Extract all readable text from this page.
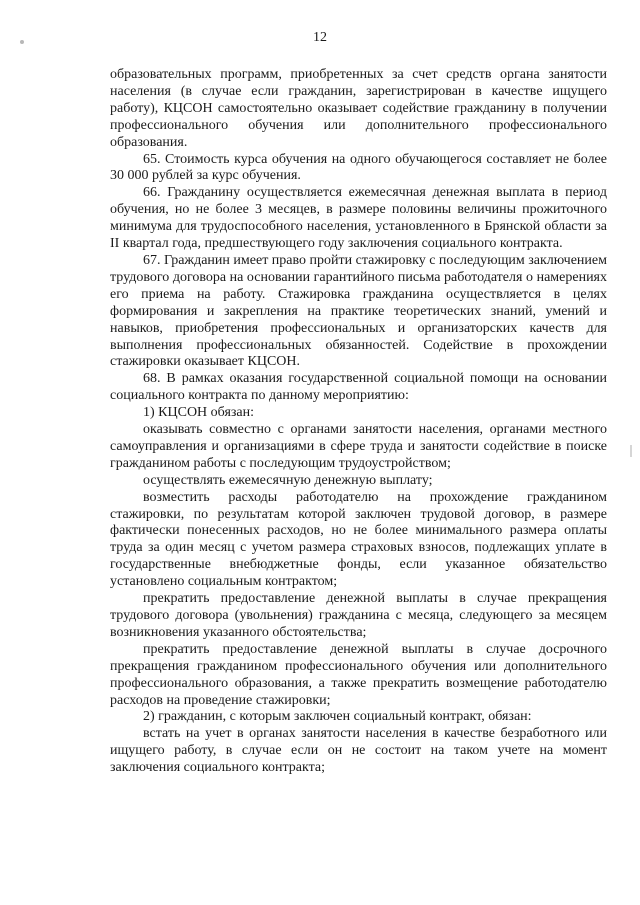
12

образовательных программ, приобретенных за счет средств органа занятости населения (в случае если гражданин, зарегистрирован в качестве ищущего работу), КЦСОН самостоятельно оказывает содействие гражданину в получении профессионального обучения или дополнительного профессионального образования.

65. Стоимость курса обучения на одного обучающегося составляет не более 30 000 рублей за курс обучения.

66. Гражданину осуществляется ежемесячная денежная выплата в период обучения, но не более 3 месяцев, в размере половины величины прожиточного минимума для трудоспособного населения, установленного в Брянской области за II квартал года, предшествующего году заключения социального контракта.

67. Гражданин имеет право пройти стажировку с последующим заключением трудового договора на основании гарантийного письма работодателя о намерениях его приема на работу. Стажировка гражданина осуществляется в целях формирования и закрепления на практике теоретических знаний, умений и навыков, приобретения профессиональных и организаторских качеств для выполнения профессиональных обязанностей. Содействие в прохождении стажировки оказывает КЦСОН.

68. В рамках оказания государственной социальной помощи на основании социального контракта по данному мероприятию:

1) КЦСОН обязан:

оказывать совместно с органами занятости населения, органами местного самоуправления и организациями в сфере труда и занятости содействие в поиске гражданином работы с последующим трудоустройством;

осуществлять ежемесячную денежную выплату;

возместить расходы работодателю на прохождение гражданином стажировки, по результатам которой заключен трудовой договор, в размере фактически понесенных расходов, но не более минимального размера оплаты труда за один месяц с учетом размера страховых взносов, подлежащих уплате в государственные внебюджетные фонды, если указанное обязательство установлено социальным контрактом;

прекратить предоставление денежной выплаты в случае прекращения трудового договора (увольнения) гражданина с месяца, следующего за месяцем возникновения указанного обстоятельства;

прекратить предоставление денежной выплаты в случае досрочного прекращения гражданином профессионального обучения или дополнительного профессионального образования, а также прекратить возмещение работодателю расходов на проведение стажировки;

2) гражданин, с которым заключен социальный контракт, обязан:

встать на учет в органах занятости населения в качестве безработного или ищущего работу, в случае если он не состоит на таком учете на момент заключения социального контракта;
